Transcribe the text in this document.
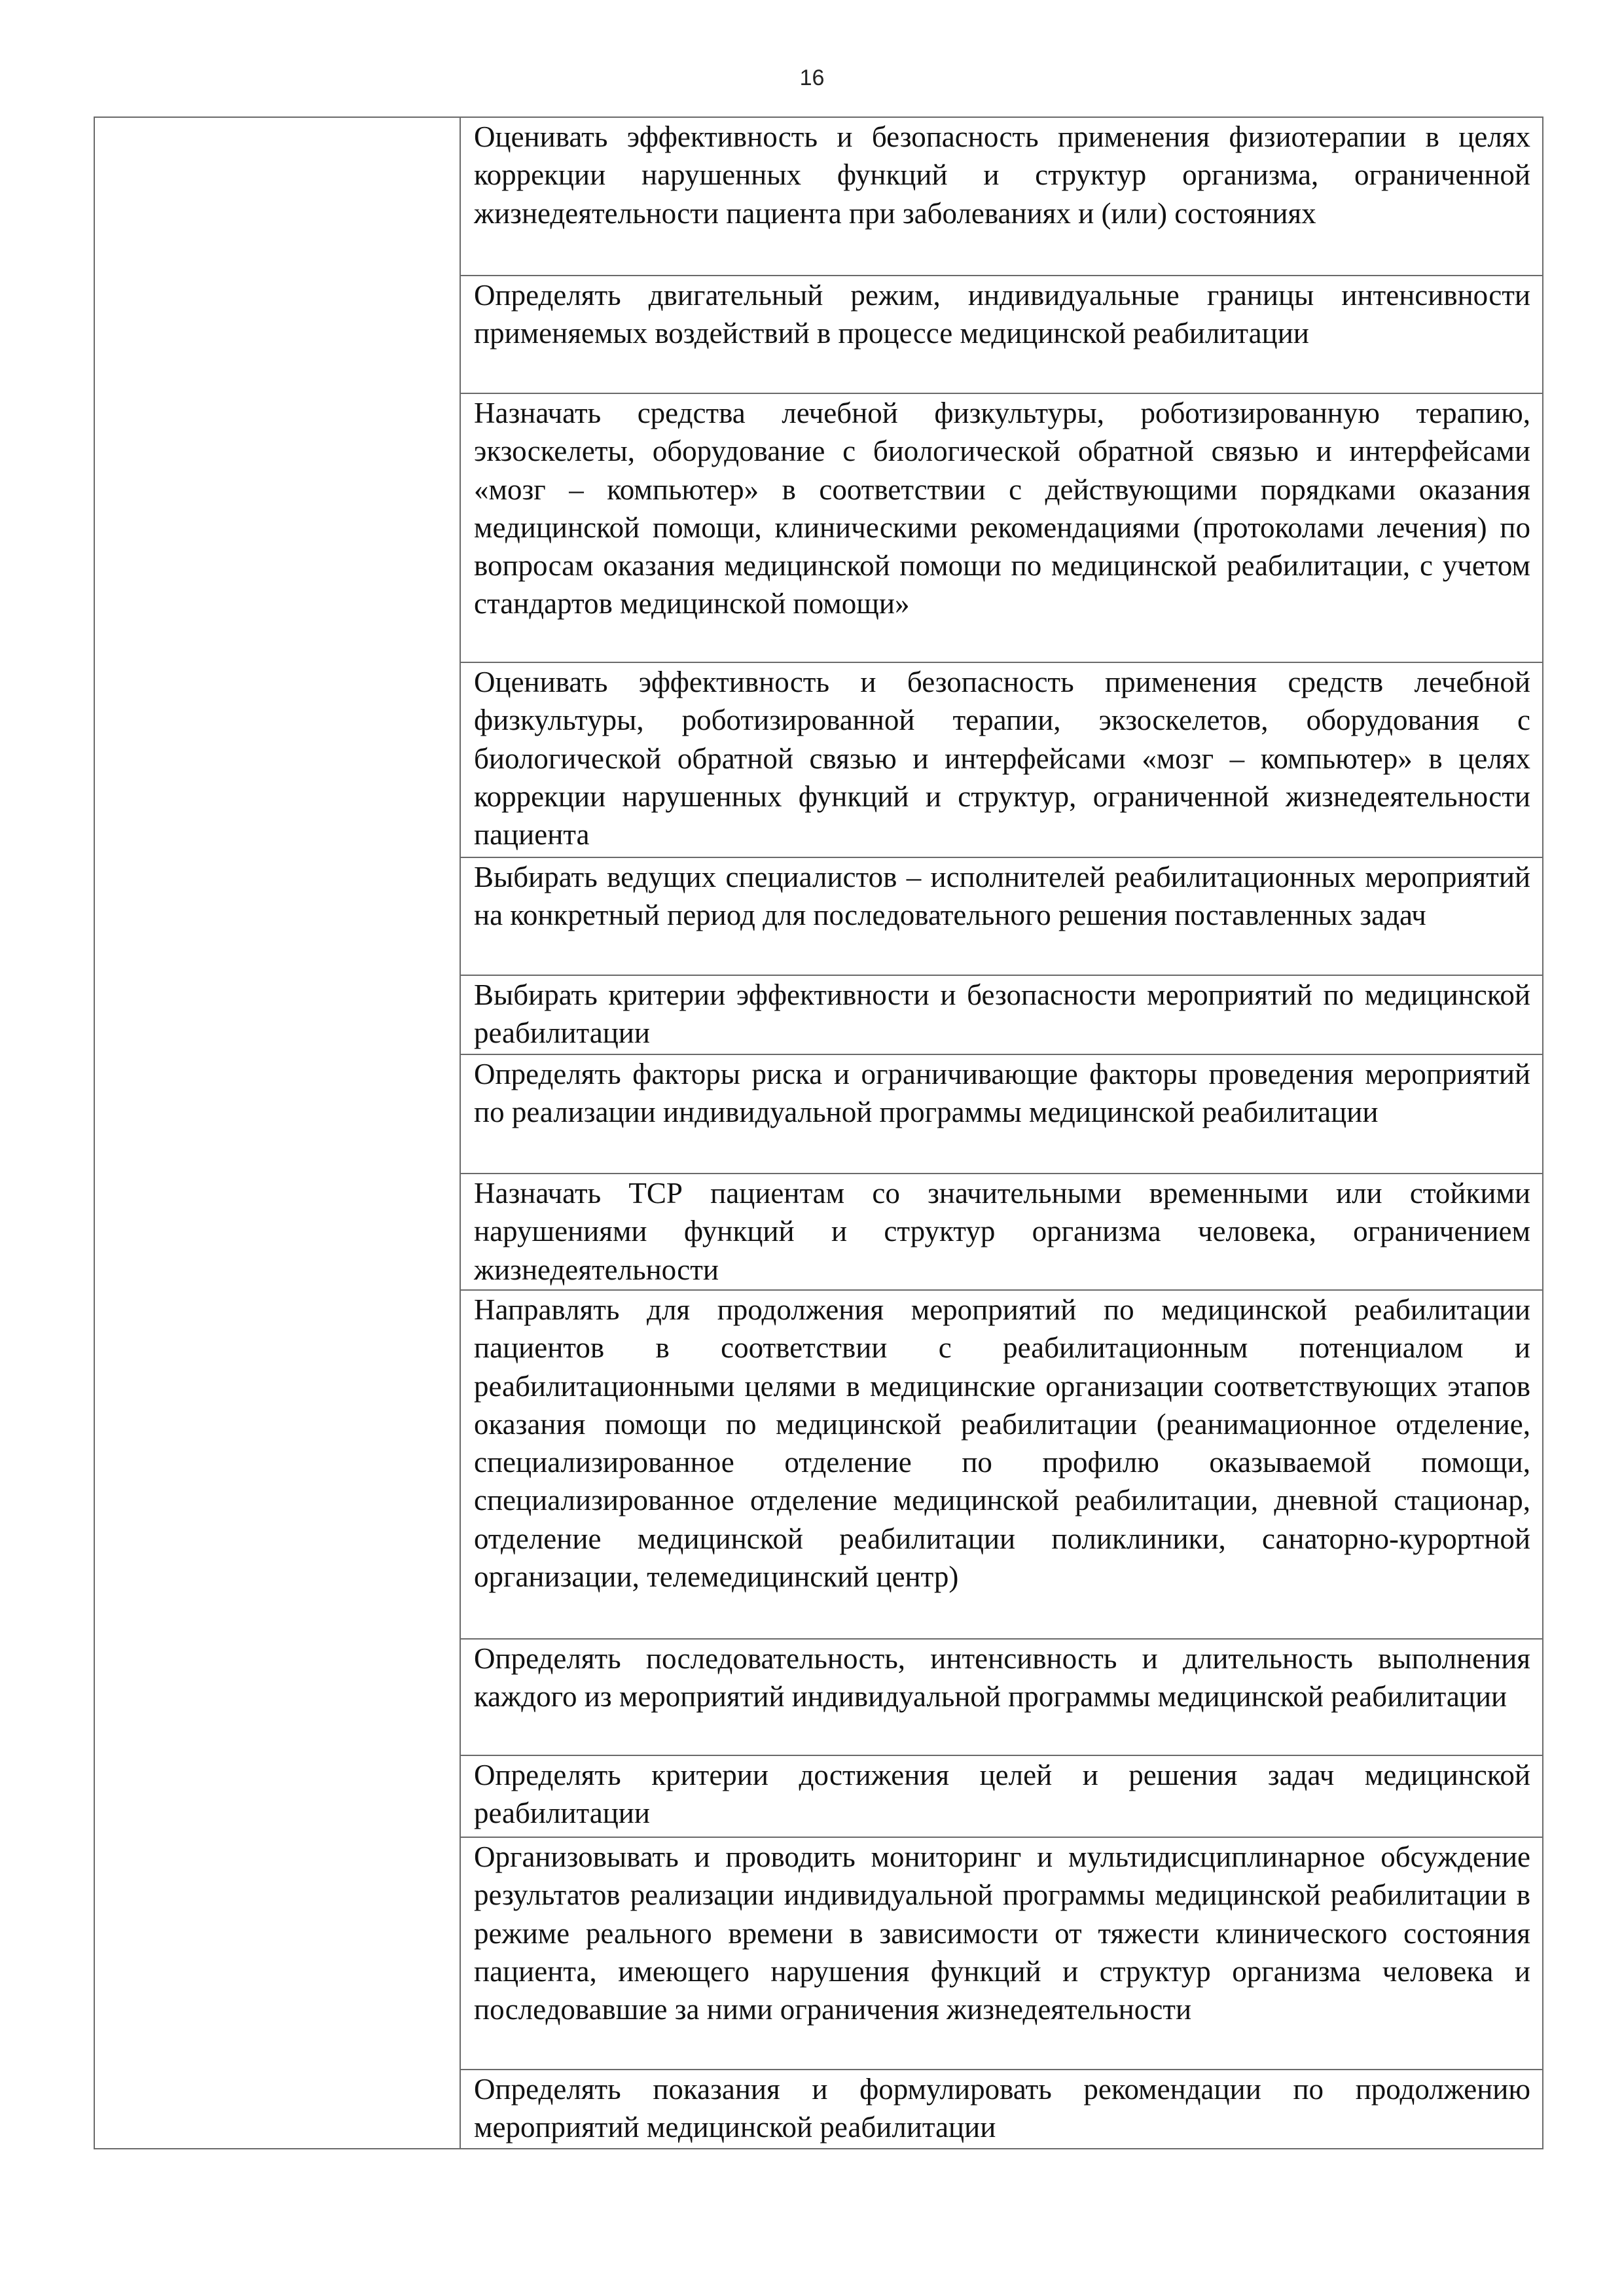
16

Оценивать эффективность и безопасность применения физиотерапии в целях коррекции нарушенных функций и структур организма, ограниченной жизнедеятельности пациента при заболеваниях и (или) состояниях

Определять двигательный режим, индивидуальные границы интенсивности применяемых воздействий в процессе медицинской реабилитации

Назначать средства лечебной физкультуры, роботизированную терапию, экзоскелеты, оборудование с биологической обратной связью и интерфейсами «мозг – компьютер» в соответствии с действующими порядками оказания медицинской помощи, клиническими рекомендациями (протоколами лечения) по вопросам оказания медицинской помощи по медицинской реабилитации, с учетом стандартов медицинской помощи»

Оценивать эффективность и безопасность применения средств лечебной физкультуры, роботизированной терапии, экзоскелетов, оборудования с биологической обратной связью и интерфейсами «мозг – компьютер» в целях коррекции нарушенных функций и структур, ограниченной жизнедеятельности пациента

Выбирать ведущих специалистов – исполнителей реабилитационных мероприятий на конкретный период для последовательного решения поставленных задач

Выбирать критерии эффективности и безопасности мероприятий по медицинской реабилитации

Определять факторы риска и ограничивающие факторы проведения мероприятий по реализации индивидуальной программы медицинской реабилитации

Назначать ТСР пациентам со значительными временными или стойкими нарушениями функций и структур организма человека, ограничением жизнедеятельности

Направлять для продолжения мероприятий по медицинской реабилитации пациентов в соответствии с реабилитационным потенциалом и реабилитационными целями в медицинские организации соответствующих этапов оказания помощи по медицинской реабилитации (реанимационное отделение, специализированное отделение по профилю оказываемой помощи, специализированное отделение медицинской реабилитации, дневной стационар, отделение медицинской реабилитации поликлиники, санаторно-курортной организации, телемедицинский центр)

Определять последовательность, интенсивность и длительность выполнения каждого из мероприятий индивидуальной программы медицинской реабилитации

Определять критерии достижения целей и решения задач медицинской реабилитации

Организовывать и проводить мониторинг и мультидисциплинарное обсуждение результатов реализации индивидуальной программы медицинской реабилитации в режиме реального времени в зависимости от тяжести клинического состояния пациента, имеющего нарушения функций и структур организма человека и последовавшие за ними ограничения жизнедеятельности

Определять показания и формулировать рекомендации по продолжению мероприятий медицинской реабилитации
